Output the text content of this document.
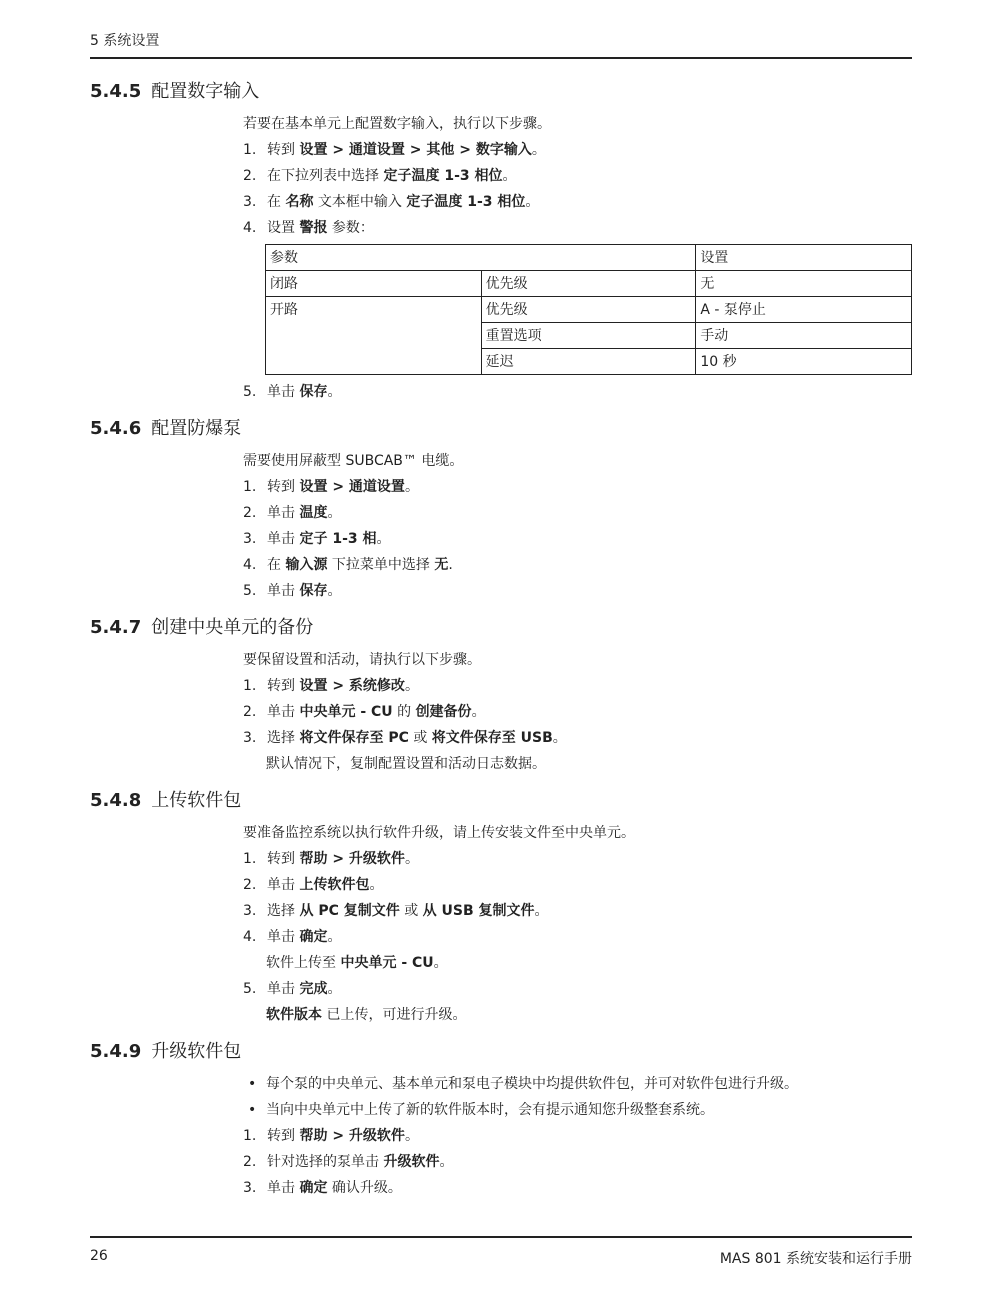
5 系统设置
5.4.5 配置数字输入
若要在基本单元上配置数字输入，执行以下步骤。
1. 转到 设置 > 通道设置 > 其他 > 数字输入。
2. 在下拉列表中选择 定子温度 1-3 相位。
3. 在 名称 文本框中输入 定子温度 1-3 相位。
4. 设置 警报 参数：
参数		设置
闭路	优先级	无
开路	优先级	A - 泵停止
	重置选项	手动
	延迟	10 秒
5. 单击 保存。
5.4.6 配置防爆泵
需要使用屏蔽型 SUBCAB™ 电缆。
1. 转到 设置 > 通道设置。
2. 单击 温度。
3. 单击 定子 1-3 相。
4. 在 输入源 下拉菜单中选择 无.
5. 单击 保存。
5.4.7 创建中央单元的备份
要保留设置和活动，请执行以下步骤。
1. 转到 设置 > 系统修改。
2. 单击 中央单元 - CU 的 创建备份。
3. 选择 将文件保存至 PC 或 将文件保存至 USB。
默认情况下，复制配置设置和活动日志数据。
5.4.8 上传软件包
要准备监控系统以执行软件升级，请上传安装文件至中央单元。
1. 转到 帮助 > 升级软件。
2. 单击 上传软件包。
3. 选择 从 PC 复制文件 或 从 USB 复制文件。
4. 单击 确定。
软件上传至 中央单元 - CU。
5. 单击 完成。
软件版本 已上传，可进行升级。
5.4.9 升级软件包
• 每个泵的中央单元、基本单元和泵电子模块中均提供软件包，并可对软件包进行升级。
• 当向中央单元中上传了新的软件版本时，会有提示通知您升级整套系统。
1. 转到 帮助 > 升级软件。
2. 针对选择的泵单击 升级软件。
3. 单击 确定 确认升级。
26	MAS 801 系统安装和运行手册
